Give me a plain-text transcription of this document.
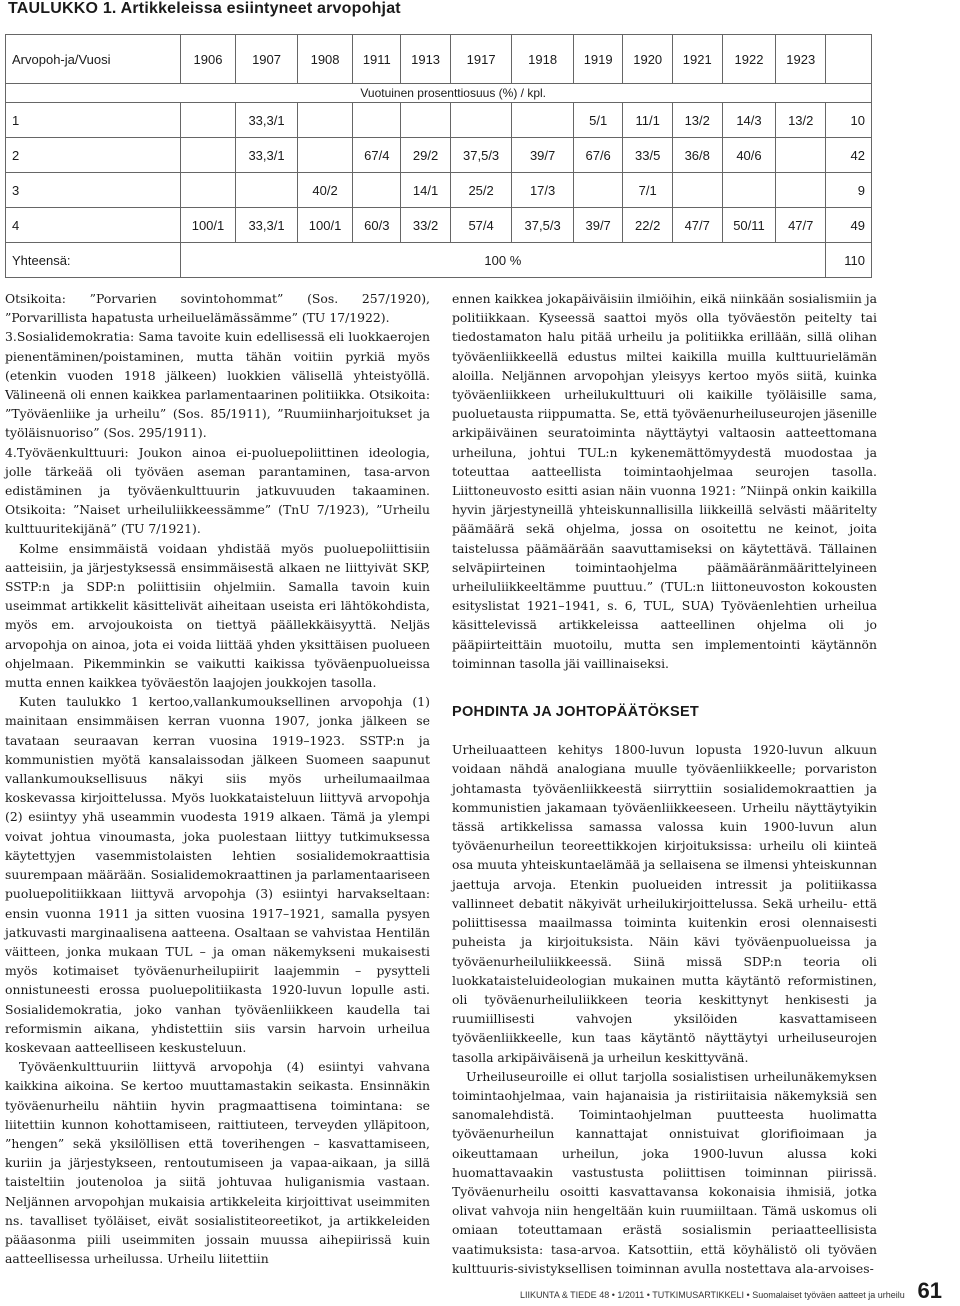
TAULUKKO 1. Artikkeleissa esiintyneet arvopohjat
Arvopoh-ja/Vuosi	1906	1907	1908	1911	1913	1917	1918	1919	1920	1921	1922	1923	
Vuotuinen prosenttiosuus (%) / kpl.													
1		33,3/1						5/1	11/1	13/2	14/3	13/2	10
2		33,3/1		67/4	29/2	37,5/3	39/7	67/6	33/5	36/8	40/6		42
3			40/2		14/1	25/2	17/3		7/1				9
4	100/1	33,3/1	100/1	60/3	33/2	57/4	37,5/3	39/7	22/2	47/7	50/11	47/7	49
Yhteensä:	100 %												110

Otsikoita: ”Porvarien sovintohommat” (Sos. 257/1920), ”Porvarillista hapatusta urheiluelämässämme” (TU 17/1922).

3.Sosialidemokratia: Sama tavoite kuin edellisessä eli luokkaerojen pienentäminen/poistaminen, mutta tähän voitiin pyrkiä myös (etenkin vuoden 1918 jälkeen) luokkien välisellä yhteistyöllä. Välineenä oli ennen kaikkea parlamentaarinen politiikka. Otsikoita: ”Työväenliike ja urheilu” (Sos. 85/1911), ”Ruumiinharjoitukset ja työläisnuoriso” (Sos. 295/1911).

4.Työväenkulttuuri: Joukon ainoa ei-puoluepoliittinen ideologia, jolle tärkeää oli työväen aseman parantaminen, tasa-arvon edistäminen ja työväenkulttuurin jatkuvuuden takaaminen. Otsikoita: ”Naiset urheiluliikkeessämme” (TnU 7/1923), ”Urheilu kulttuuritekijänä” (TU 7/1921).

Kolme ensimmäistä voidaan yhdistää myös puoluepoliittisiin aatteisiin, ja järjestyksessä ensimmäisestä alkaen ne liittyivät SKP, SSTP:n ja SDP:n poliittisiin ohjelmiin. Samalla tavoin kuin useimmat artikkelit käsittelivät aiheitaan useista eri lähtökohdista, myös em. arvojoukoista on tiettyä päällekkäisyyttä. Neljäs arvopohja on ainoa, jota ei voida liittää yhden yksittäisen puolueen ohjelmaan. Pikemminkin se vaikutti kaikissa työväenpuolueissa mutta ennen kaikkea työväestön laajojen joukkojen tasolla.

Kuten taulukko 1 kertoo,vallankumouksellinen arvopohja (1) mainitaan ensimmäisen kerran vuonna 1907, jonka jälkeen se tavataan seuraavan kerran vuosina 1919–1923. SSTP:n ja kommunistien myötä kansalaissodan jälkeen Suomeen saapunut vallankumouksellisuus näkyi siis myös urheilumaailmaa koskevassa kirjoittelussa. Myös luokkataisteluun liittyvä arvopohja (2) esiintyy yhä useammin vuodesta 1919 alkaen. Tämä ja ylempi voivat johtua vinoumasta, joka puolestaan liittyy tutkimuksessa käytettyjen vasemmistolaisten lehtien sosialidemokraattisia suurempaan määrään. Sosialidemokraattinen ja parlamentaariseen puoluepolitiikkaan liittyvä arvopohja (3) esiintyi harvakseltaan: ensin vuonna 1911 ja sitten vuosina 1917–1921, samalla pysyen jatkuvasti marginaalisena aatteena. Osaltaan se vahvistaa Hentilän väitteen, jonka mukaan TUL – ja oman näkemykseni mukaisesti myös kotimaiset työväenurheilupiirit laajemmin – pysytteli onnistuneesti erossa puoluepolitiikasta 1920-luvun lopulle asti. Sosialidemokratia, joko vanhan työväenliikkeen kaudella tai reformismin aikana, yhdistettiin siis varsin harvoin urheilua koskevaan aatteelliseen keskusteluun.

Työväenkulttuuriin liittyvä arvopohja (4) esiintyi vahvana kaikkina aikoina. Se kertoo muuttamastakin seikasta. Ensinnäkin työväenurheilu nähtiin hyvin pragmaattisena toimintana: se liitettiin kunnon kohottamiseen, raittiuteen, terveyden ylläpitoon, ”hengen” sekä yksilöllisen että toverihengen – kasvattamiseen, kuriin ja järjestykseen, rentoutumiseen ja vapaa-aikaan, ja sillä taisteltiin joutenoloa ja siitä johtuvaa huliganismia vastaan. Neljännen arvopohjan mukaisia artikkeleita kirjoittivat useimmiten ns. tavalliset työläiset, eivät sosialistiteoreetikot, ja artikkeleiden pääasonma piili useimmiten jossain muussa aihepiirissä kuin aatteellisessa urheilussa. Urheilu liitettiin

ennen kaikkea jokapäiväisiin ilmiöihin, eikä niinkään sosialismiin ja politiikkaan. Kyseessä saattoi myös olla työväestön peitelty tai tiedostamaton halu pitää urheilu ja politiikka erillään, sillä olihan työväenliikkeellä edustus miltei kaikilla muilla kulttuurielämän aloilla. Neljännen arvopohjan yleisyys kertoo myös siitä, kuinka työväenliikkeen urheilukulttuuri oli kaikille työläisille sama, puoluetausta riippumatta. Se, että työväenurheiluseurojen jäsenille arkipäiväinen seuratoiminta näyttäytyi valtaosin aatteettomana urheiluna, johtui TUL:n kykenemättömyydestä muodostaa ja toteuttaa aatteellista toimintaohjelmaa seurojen tasolla. Liittoneuvosto esitti asian näin vuonna 1921: ”Niinpä onkin kaikilla hyvin järjestyneillä yhteiskunnallisilla liikkeillä selvästi määritelty päämäärä sekä ohjelma, jossa on osoitettu ne keinot, joita taistelussa päämäärään saavuttamiseksi on käytettävä. Tällainen selväpiirteinen toimintaohjelma päämääränmäärittelyineen urheiluliikkeeltämme puuttuu.” (TUL:n liittoneuvoston kokousten esityslistat 1921–1941, s. 6, TUL, SUA) Työväenlehtien urheilua käsittelevissä artikkeleissa aatteellinen ohjelma oli jo pääpiirteittäin muotoilu, mutta sen implementointi käytännön toiminnan tasolla jäi vaillinaiseksi.

POHDINTA JA JOHTOPÄÄTÖKSET

Urheiluaatteen kehitys 1800-luvun lopusta 1920-luvun alkuun voidaan nähdä analogiana muulle työväenliikkeelle; porvariston johtamasta työväenliikkeestä siirryttiin sosialidemokraattien ja kommunistien jakamaan työväenliikkeeseen. Urheilu näyttäytyikin tässä artikkelissa samassa valossa kuin 1900-luvun alun työväenurheilun teoreettikkojen kirjoituksissa: urheilu oli kiinteä osa muuta yhteiskuntaelämää ja sellaisena se ilmensi yhteiskunnan jaettuja arvoja. Etenkin puolueiden intressit ja politiikassa vallinneet debatit näkyivät urheilukirjoittelussa. Sekä urheilu- että poliittisessa maailmassa toiminta kuitenkin erosi olennaisesti puheista ja kirjoituksista. Näin kävi työväenpuolueissa ja työväenurheiluliikkeessä. Siinä missä SDP:n teoria oli luokkataisteluideologian mukainen mutta käytäntö reformistinen, oli työväenurheiluliikkeen teoria keskittynyt henkisesti ja ruumiillisesti vahvojen yksilöiden kasvattamiseen työväenliikkeelle, kun taas käytäntö näyttäytyi urheiluseurojen tasolla arkipäiväisenä ja urheilun keskittyvänä.

Urheiluseuroille ei ollut tarjolla sosialistisen urheilunäkemyksen toimintaohjelmaa, vain hajanaisia ja ristiriitaisia näkemyksiä sen sanomalehdistä. Toimintaohjelman puutteesta huolimatta työväenurheilun kannattajat onnistuivat glorifioimaan ja oikeuttamaan urheilun, joka 1900-luvun alussa koki huomattavaakin vastustusta poliittisen toiminnan piirissä. Työväenurheilu osoitti kasvattavansa kokonaisia ihmisiä, jotka olivat vahvoja niin hengeltään kuin ruumiiltaan. Tämä uskomus oli omiaan toteuttamaan erästä sosialismin periaatteellisista vaatimuksista: tasa-arvoa. Katsottiin, että köyhälistö oli työväen kulttuuris-sivistyksellisen toiminnan avulla nostettava ala-arvoises-

LIIKUNTA & TIEDE 48 • 1/2011 • TUTKIMUSARTIKKELI • Suomalaiset työväen aatteet ja urheilu 61
